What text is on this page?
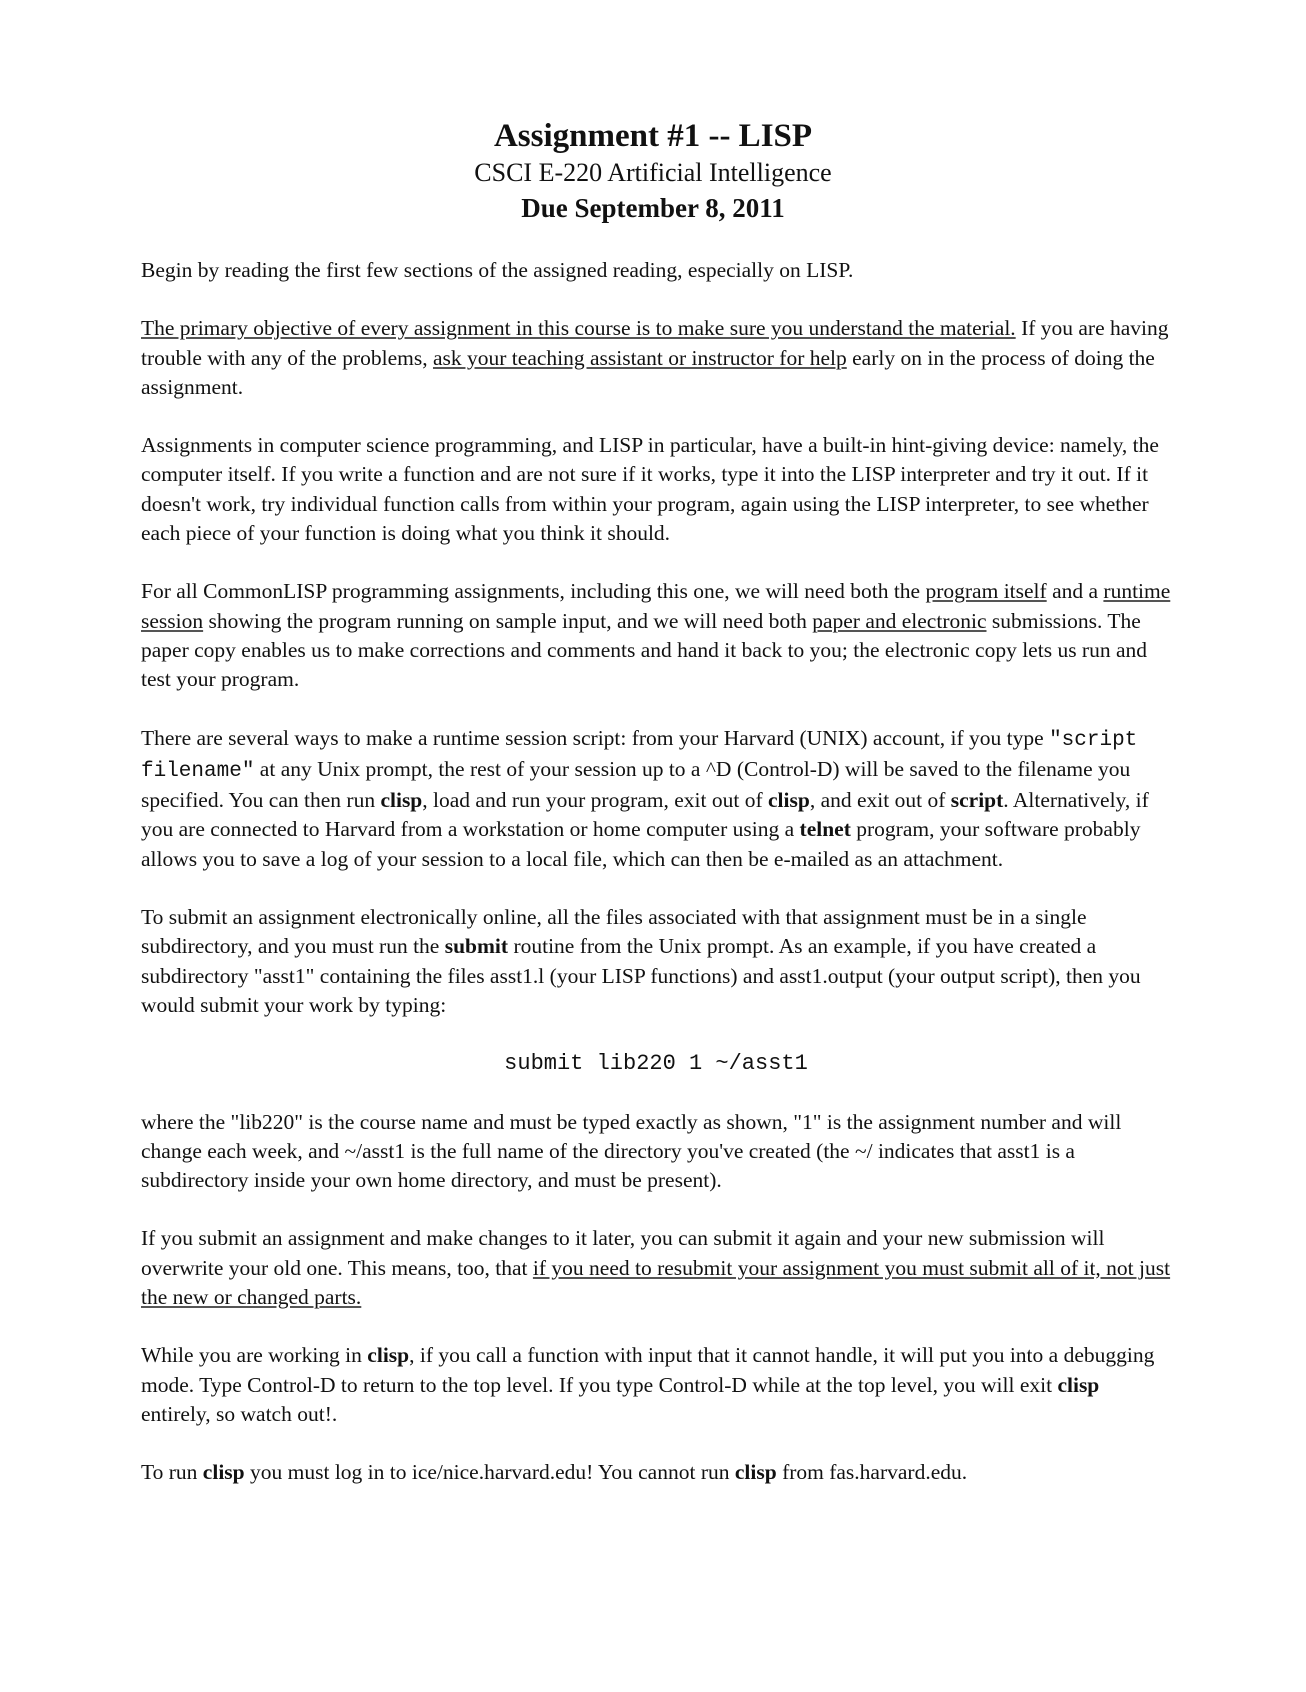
Assignment #1 -- LISP

CSCI E-220 Artificial Intelligence

Due September 8, 2011

Begin by reading the first few sections of the assigned reading, especially on LISP.

The primary objective of every assignment in this course is to make sure you understand the material. If you are having trouble with any of the problems, ask your teaching assistant or instructor for help early on in the process of doing the assignment.

Assignments in computer science programming, and LISP in particular, have a built-in hint-giving device: namely, the computer itself. If you write a function and are not sure if it works, type it into the LISP interpreter and try it out. If it doesn't work, try individual function calls from within your program, again using the LISP interpreter, to see whether each piece of your function is doing what you think it should.

For all CommonLISP programming assignments, including this one, we will need both the program itself and a runtime session showing the program running on sample input, and we will need both paper and electronic submissions. The paper copy enables us to make corrections and comments and hand it back to you; the electronic copy lets us run and test your program.

There are several ways to make a runtime session script: from your Harvard (UNIX) account, if you type "script filename" at any Unix prompt, the rest of your session up to a ^D (Control-D) will be saved to the filename you specified. You can then run clisp, load and run your program, exit out of clisp, and exit out of script. Alternatively, if you are connected to Harvard from a workstation or home computer using a telnet program, your software probably allows you to save a log of your session to a local file, which can then be e-mailed as an attachment.

To submit an assignment electronically online, all the files associated with that assignment must be in a single subdirectory, and you must run the submit routine from the Unix prompt. As an example, if you have created a subdirectory "asst1" containing the files asst1.l (your LISP functions) and asst1.output (your output script), then you would submit your work by typing:

submit lib220 1 ~/asst1

where the "lib220" is the course name and must be typed exactly as shown, "1" is the assignment number and will change each week, and ~/asst1 is the full name of the directory you've created (the ~/ indicates that asst1 is a subdirectory inside your own home directory, and must be present).

If you submit an assignment and make changes to it later, you can submit it again and your new submission will overwrite your old one. This means, too, that if you need to resubmit your assignment you must submit all of it, not just the new or changed parts.

While you are working in clisp, if you call a function with input that it cannot handle, it will put you into a debugging mode. Type Control-D to return to the top level. If you type Control-D while at the top level, you will exit clisp entirely, so watch out!.

To run clisp you must log in to ice/nice.harvard.edu! You cannot run clisp from fas.harvard.edu.
